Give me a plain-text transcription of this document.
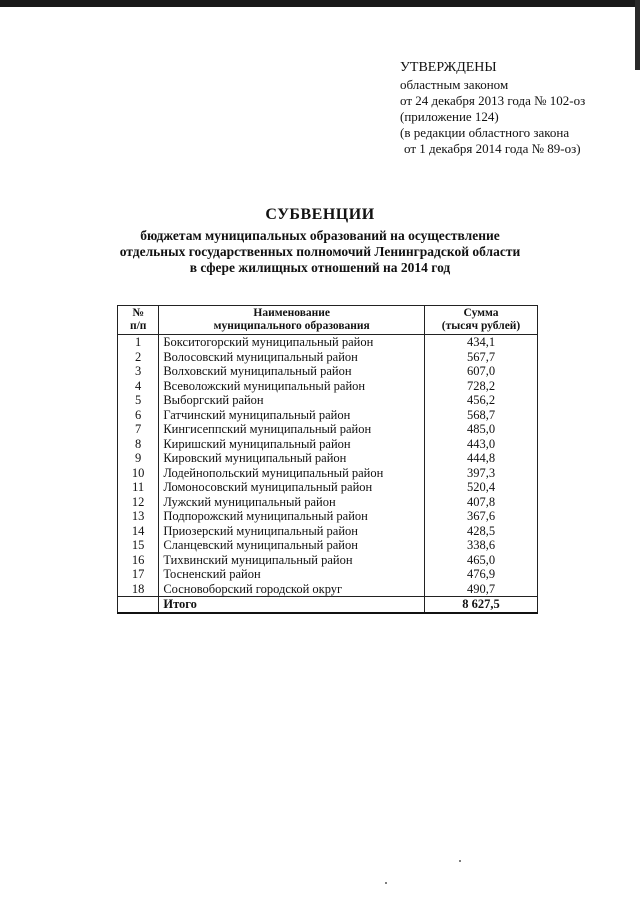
УТВЕРЖДЕНЫ
областным законом
от 24 декабря 2013 года № 102-оз
(приложение 124)
(в редакции областного закона
от 1 декабря 2014 года № 89-оз)
СУБВЕНЦИИ
бюджетам муниципальных образований на осуществление
отдельных государственных полномочий Ленинградской области
в сфере жилищных отношений на 2014 год
№	Наименование	Сумма
п/п	муниципального образования	(тысяч рублей)
1	Бокситогорский муниципальный район	434,1
2	Волосовский муниципальный район	567,7
3	Волховский муниципальный район	607,0
4	Всеволожский муниципальный район	728,2
5	Выборгский район	456,2
6	Гатчинский муниципальный район	568,7
7	Кингисеппский муниципальный район	485,0
8	Киришский муниципальный район	443,0
9	Кировский муниципальный район	444,8
10	Лодейнопольский муниципальный район	397,3
11	Ломоносовский муниципальный район	520,4
12	Лужский муниципальный район	407,8
13	Подпорожский муниципальный район	367,6
14	Приозерский муниципальный район	428,5
15	Сланцевский муниципальный район	338,6
16	Тихвинский муниципальный район	465,0
17	Тосненский район	476,9
18	Сосновоборский городской округ	490,7
	Итого	8 627,5
